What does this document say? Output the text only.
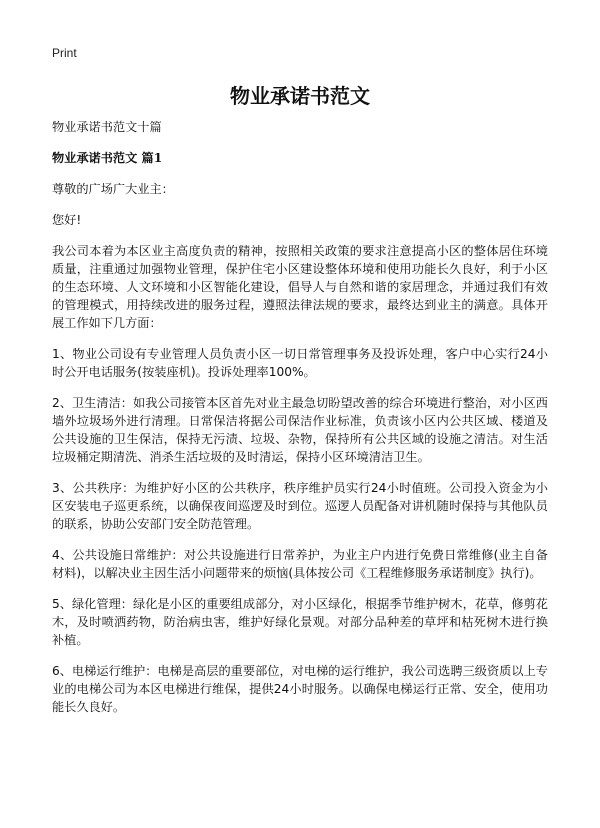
Print
物业承诺书范文

物业承诺书范文十篇

物业承诺书范文 篇1

尊敬的广场广大业主：

您好!

我公司本着为本区业主高度负责的精神，按照相关政策的要求注意提高小区的整体居住环境质量，注重通过加强物业管理，保护住宅小区建设整体环境和使用功能长久良好，利于小区的生态环境、人文环境和小区智能化建设，倡导人与自然和谐的家居理念，并通过我们有效的管理模式，用持续改进的服务过程，遵照法律法规的要求，最终达到业主的满意。具体开展工作如下几方面：

1、物业公司设有专业管理人员负责小区一切日常管理事务及投诉处理，客户中心实行24小时公开电话服务(按装座机)。投诉处理率100%。

2、卫生清洁：如我公司接管本区首先对业主最急切盼望改善的综合环境进行整治，对小区西墙外垃圾场外进行清理。日常保洁将据公司保洁作业标准，负责该小区内公共区域、楼道及公共设施的卫生保洁，保持无污渍、垃圾、杂物，保持所有公共区域的设施之清洁。对生活垃圾桶定期清洗、消杀生活垃圾的及时清运，保持小区环境清洁卫生。

3、公共秩序：为维护好小区的公共秩序，秩序维护员实行24小时值班。公司投入资金为小区安装电子巡更系统，以确保夜间巡逻及时到位。巡逻人员配备对讲机随时保持与其他队员的联系，协助公安部门安全防范管理。

4、公共设施日常维护：对公共设施进行日常养护，为业主户内进行免费日常维修(业主自备材料)，以解决业主因生活小问题带来的烦恼(具体按公司《工程维修服务承诺制度》执行)。

5、绿化管理：绿化是小区的重要组成部分，对小区绿化，根据季节维护树木，花草，修剪花木，及时喷洒药物，防治病虫害，维护好绿化景观。对部分品种差的草坪和枯死树木进行换补植。

6、电梯运行维护：电梯是高层的重要部位，对电梯的运行维护，我公司选聘三级资质以上专业的电梯公司为本区电梯进行维保，提供24小时服务。以确保电梯运行正常、安全，使用功能长久良好。
